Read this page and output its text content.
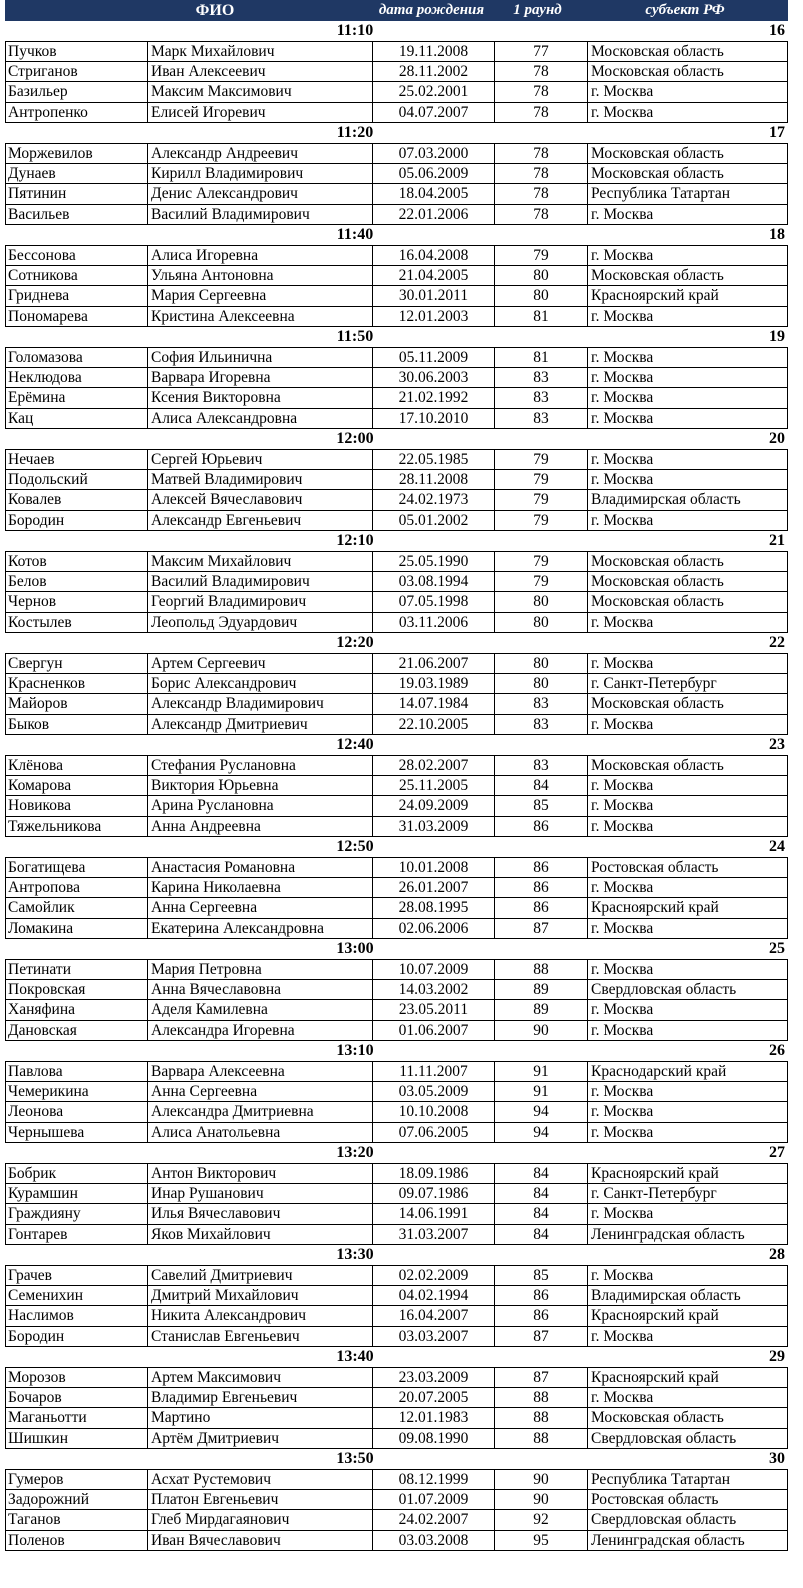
ФИО	дата рождения	1 раунд	субъект РФ
11:10	16
Пучков	Марк Михайлович	19.11.2008	77	Московская область
Стриганов	Иван Алексеевич	28.11.2002	78	Московская область
Базильер	Максим Максимович	25.02.2001	78	г. Москва
Антропенко	Елисей Игоревич	04.07.2007	78	г. Москва
11:20	17
Моржевилов	Александр Андреевич	07.03.2000	78	Московская область
Дунаев	Кирилл Владимирович	05.06.2009	78	Московская область
Пятинин	Денис Александрович	18.04.2005	78	Республика Татартан
Васильев	Василий Владимирович	22.01.2006	78	г. Москва
11:40	18
Бессонова	Алиса Игоревна	16.04.2008	79	г. Москва
Сотникова	Ульяна Антоновна	21.04.2005	80	Московская область
Гриднева	Мария Сергеевна	30.01.2011	80	Красноярский край
Пономарева	Кристина Алексеевна	12.01.2003	81	г. Москва
11:50	19
Голомазова	София Ильинична	05.11.2009	81	г. Москва
Неклюдова	Варвара Игоревна	30.06.2003	83	г. Москва
Ерёмина	Ксения Викторовна	21.02.1992	83	г. Москва
Кац	Алиса Александровна	17.10.2010	83	г. Москва
12:00	20
Нечаев	Сергей Юрьевич	22.05.1985	79	г. Москва
Подольский	Матвей Владимирович	28.11.2008	79	г. Москва
Ковалев	Алексей Вячеславович	24.02.1973	79	Владимирская область
Бородин	Александр Евгеньевич	05.01.2002	79	г. Москва
12:10	21
Котов	Максим Михайлович	25.05.1990	79	Московская область
Белов	Василий Владимирович	03.08.1994	79	Московская область
Чернов	Георгий Владимирович	07.05.1998	80	Московская область
Костылев	Леопольд Эдуардович	03.11.2006	80	г. Москва
12:20	22
Свергун	Артем Сергеевич	21.06.2007	80	г. Москва
Красненков	Борис Александрович	19.03.1989	80	г. Санкт-Петербург
Майоров	Александр Владимирович	14.07.1984	83	Московская область
Быков	Александр Дмитриевич	22.10.2005	83	г. Москва
12:40	23
Клёнова	Стефания Руслановна	28.02.2007	83	Московская область
Комарова	Виктория Юрьевна	25.11.2005	84	г. Москва
Новикова	Арина Руслановна	24.09.2009	85	г. Москва
Тяжельникова	Анна Андреевна	31.03.2009	86	г. Москва
12:50	24
Богатищева	Анастасия Романовна	10.01.2008	86	Ростовская область
Антропова	Карина Николаевна	26.01.2007	86	г. Москва
Самойлик	Анна Сергеевна	28.08.1995	86	Красноярский край
Ломакина	Екатерина Александровна	02.06.2006	87	г. Москва
13:00	25
Петинати	Мария Петровна	10.07.2009	88	г. Москва
Покровская	Анна Вячеславовна	14.03.2002	89	Свердловская область
Ханяфина	Аделя Камилевна	23.05.2011	89	г. Москва
Дановская	Александра Игоревна	01.06.2007	90	г. Москва
13:10	26
Павлова	Варвара Алексеевна	11.11.2007	91	Краснодарский край
Чемерикина	Анна Сергеевна	03.05.2009	91	г. Москва
Леонова	Александра Дмитриевна	10.10.2008	94	г. Москва
Чернышева	Алиса Анатольевна	07.06.2005	94	г. Москва
13:20	27
Бобрик	Антон Викторович	18.09.1986	84	Красноярский край
Курамшин	Инар Рушанович	09.07.1986	84	г. Санкт-Петербург
Граждияну	Илья Вячеславович	14.06.1991	84	г. Москва
Гонтарев	Яков Михайлович	31.03.2007	84	Ленинградская область
13:30	28
Грачев	Савелий Дмитриевич	02.02.2009	85	г. Москва
Семенихин	Дмитрий Михайлович	04.02.1994	86	Владимирская область
Наслимов	Никита Александрович	16.04.2007	86	Красноярский край
Бородин	Станислав Евгеньевич	03.03.2007	87	г. Москва
13:40	29
Морозов	Артем Максимович	23.03.2009	87	Красноярский край
Бочаров	Владимир Евгеньевич	20.07.2005	88	г. Москва
Маганьотти	Мартино	12.01.1983	88	Московская область
Шишкин	Артём Дмитриевич	09.08.1990	88	Свердловская область
13:50	30
Гумеров	Асхат Рустемович	08.12.1999	90	Республика Татартан
Задорожний	Платон Евгеньевич	01.07.2009	90	Ростовская область
Таганов	Глеб Мирдагаянович	24.02.2007	92	Свердловская область
Поленов	Иван Вячеславович	03.03.2008	95	Ленинградская область
